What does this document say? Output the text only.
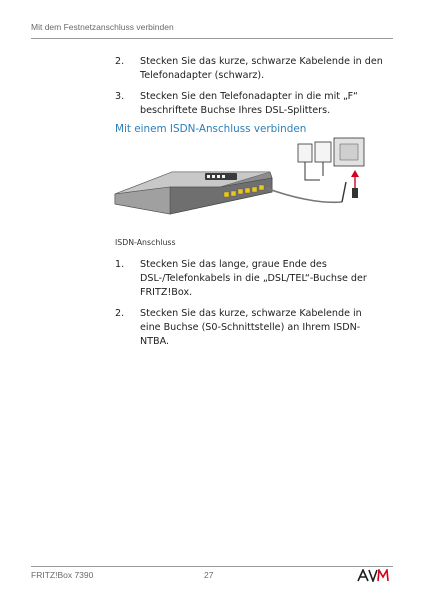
Mit dem Festnetzanschluss verbinden
2. Stecken Sie das kurze, schwarze Kabelende in den Telefonadapter (schwarz).
3. Stecken Sie den Telefonadapter in die mit „F“ beschriftete Buchse Ihres DSL-Splitters.
Mit einem ISDN-Anschluss verbinden
ISDN-Anschluss
1. Stecken Sie das lange, graue Ende des DSL-/Telefonkabels in die „DSL/TEL“-Buchse der FRITZ!Box.
2. Stecken Sie das kurze, schwarze Kabelende in eine Buchse (S0-Schnittstelle) an Ihrem ISDN-NTBA.
FRITZ!Box 7390	27
